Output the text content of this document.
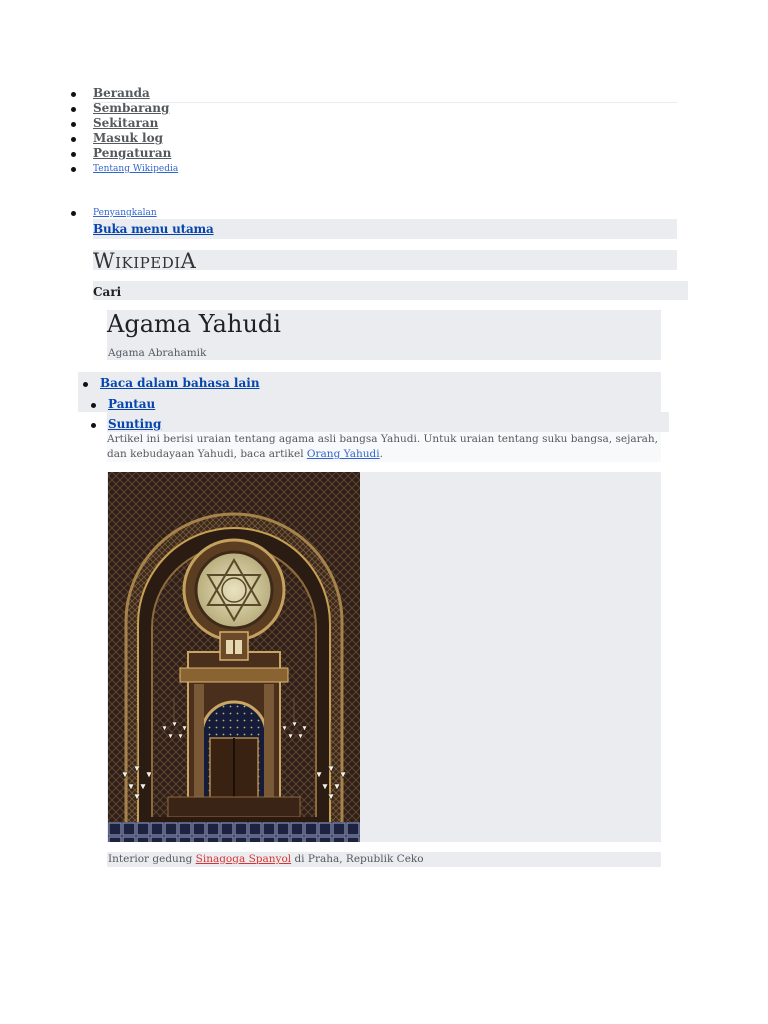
Beranda
Sembarang
Sekitaran
Masuk log
Pengaturan
Tentang Wikipedia
Penyangkalan
Buka menu utama
WIKIPEDIA
Cari
Agama Yahudi
Agama Abrahamik
Baca dalam bahasa lain
Pantau
Sunting
Artikel ini berisi uraian tentang agama asli bangsa Yahudi. Untuk uraian tentang suku bangsa, sejarah, dan kebudayaan Yahudi, baca artikel Orang Yahudi.
Interior gedung Sinagoga Spanyol di Praha, Republik Ceko
